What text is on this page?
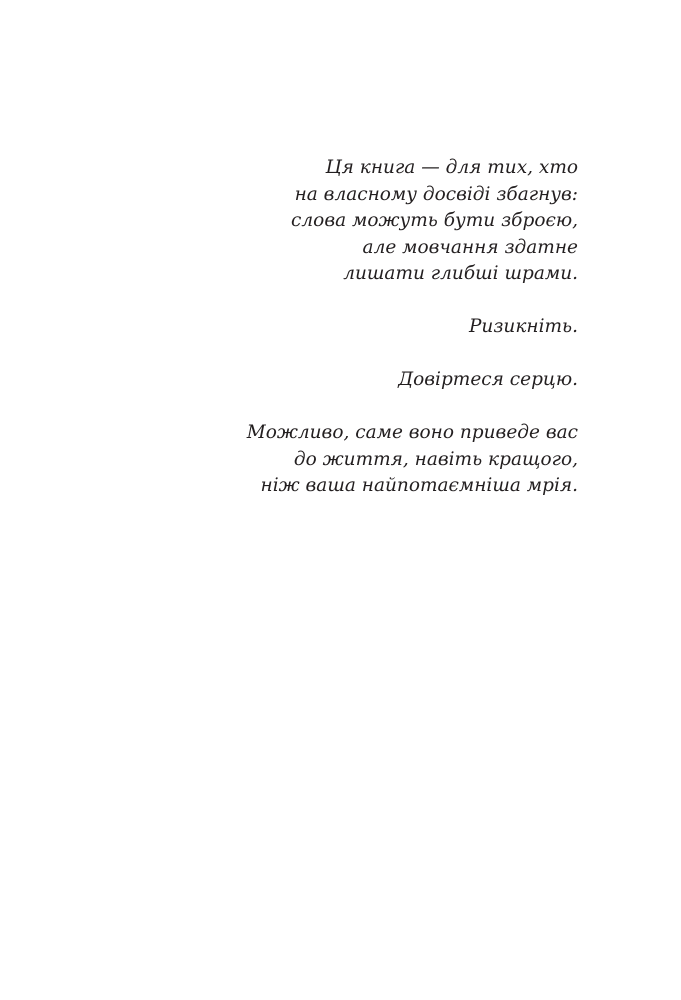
Ця книга — для тих, хто
на власному досвіді збагнув:
слова можуть бути зброєю,
але мовчання здатне
лишати глибші шрами.

Ризикніть.

Довіртеся серцю.

Можливо, саме воно приведе вас
до життя, навіть кращого,
ніж ваша найпотаємніша мрія.
